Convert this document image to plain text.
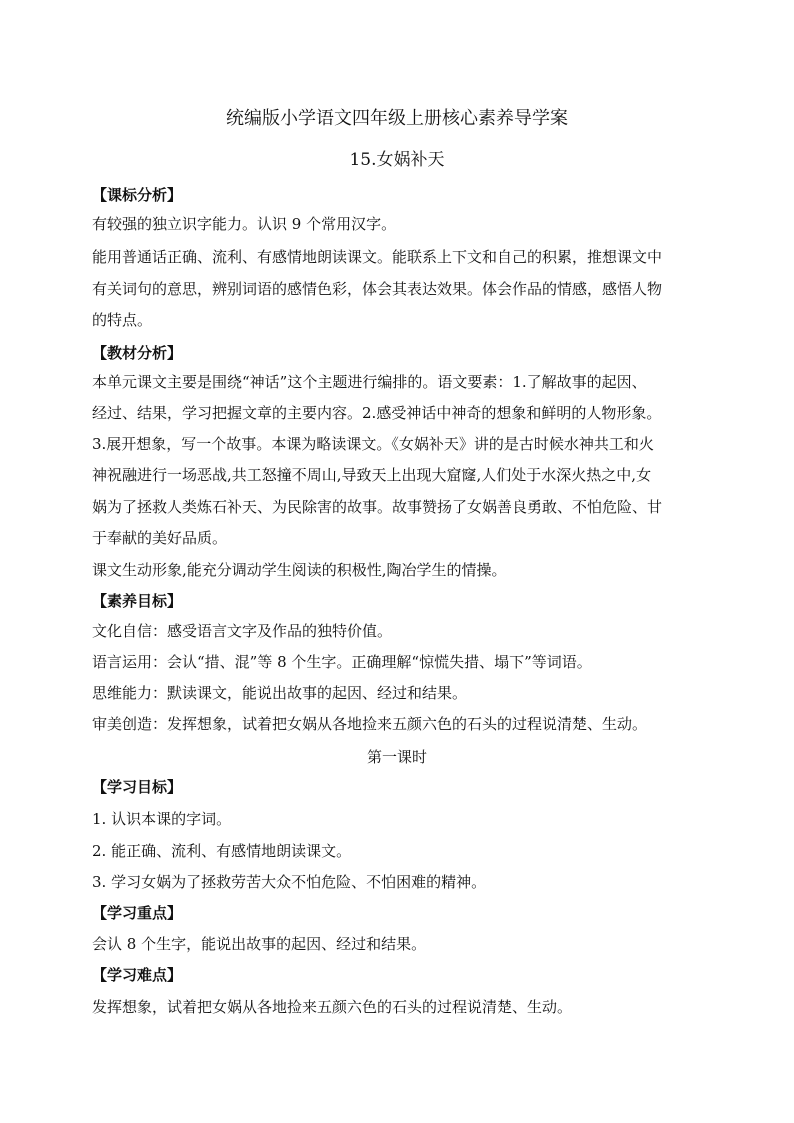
统编版小学语文四年级上册核心素养导学案
15.女娲补天
【课标分析】
有较强的独立识字能力。认识 9 个常用汉字。
能用普通话正确、流利、有感情地朗读课文。能联系上下文和自己的积累，推想课文中
有关词句的意思，辨别词语的感情色彩，体会其表达效果。体会作品的情感，感悟人物
的特点。
【教材分析】
本单元课文主要是围绕“神话”这个主题进行编排的。语文要素：1.了解故事的起因、
经过、结果，学习把握文章的主要内容。2.感受神话中神奇的想象和鲜明的人物形象。
3.展开想象，写一个故事。本课为略读课文。《女娲补天》讲的是古时候水神共工和火
神祝融进行一场恶战,共工怒撞不周山,导致天上出现大窟窿,人们处于水深火热之中,女
娲为了拯救人类炼石补天、为民除害的故事。故事赞扬了女娲善良勇敢、不怕危险、甘
于奉献的美好品质。
课文生动形象,能充分调动学生阅读的积极性,陶冶学生的情操。
【素养目标】
文化自信：感受语言文字及作品的独特价值。
语言运用：会认“措、混”等 8 个生字。正确理解“惊慌失措、塌下”等词语。
思维能力：默读课文，能说出故事的起因、经过和结果。
审美创造：发挥想象，试着把女娲从各地捡来五颜六色的石头的过程说清楚、生动。
第一课时
【学习目标】
1. 认识本课的字词。
2. 能正确、流利、有感情地朗读课文。
3. 学习女娲为了拯救劳苦大众不怕危险、不怕困难的精神。
【学习重点】
会认 8 个生字，能说出故事的起因、经过和结果。
【学习难点】
发挥想象，试着把女娲从各地捡来五颜六色的石头的过程说清楚、生动。
